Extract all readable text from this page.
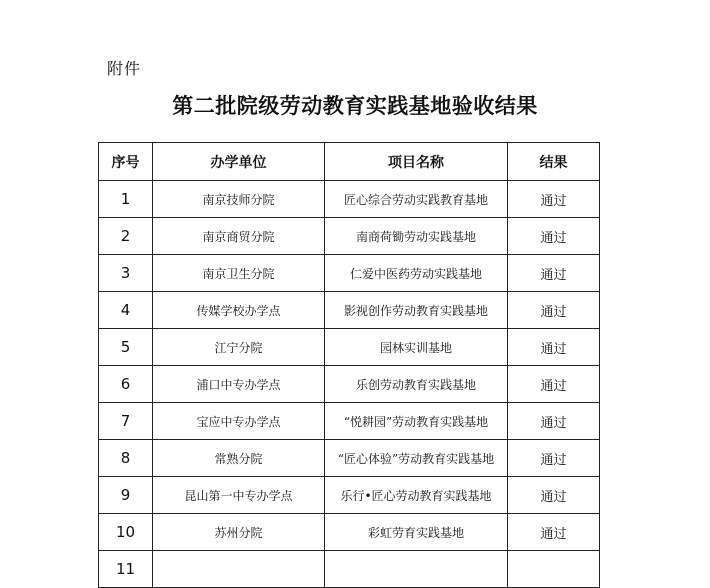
附件
第二批院级劳动教育实践基地验收结果
序号	办学单位	项目名称	结果
1	南京技师分院	匠心综合劳动实践教育基地	通过
2	南京商贸分院	南商荷锄劳动实践基地	通过
3	南京卫生分院	仁爱中医药劳动实践基地	通过
4	传媒学校办学点	影视创作劳动教育实践基地	通过
5	江宁分院	园林实训基地	通过
6	浦口中专办学点	乐创劳动教育实践基地	通过
7	宝应中专办学点	“悦耕园”劳动教育实践基地	通过
8	常熟分院	“匠心体验”劳动教育实践基地	通过
9	昆山第一中专办学点	乐行•匠心劳动教育实践基地	通过
10	苏州分院	彩虹劳育实践基地	通过
11			
